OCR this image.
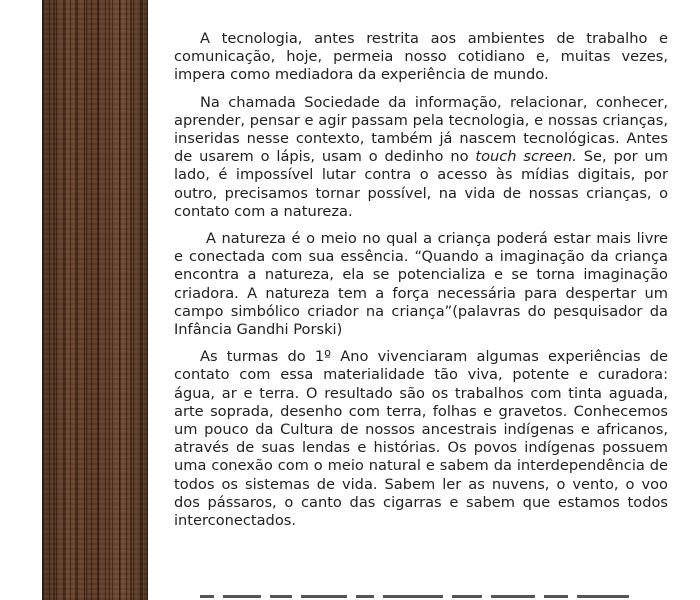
A tecnologia, antes restrita aos ambientes de trabalho e comunicação, hoje, permeia nosso cotidiano e, muitas vezes, impera como mediadora da experiência de mundo.

Na chamada Sociedade da informação, relacionar, conhecer, aprender, pensar e agir passam pela tecnologia, e nossas crianças, inseridas nesse contexto, também já nascem tecnológicas. Antes de usarem o lápis, usam o dedinho no touch screen. Se, por um lado, é impossível lutar contra o acesso às mídias digitais, por outro, precisamos tornar possível, na vida de nossas crianças, o contato com a natureza.

A natureza é o meio no qual a criança poderá estar mais livre e conectada com sua essência. “Quando a imaginação da criança encontra a natureza, ela se potencializa e se torna imaginação criadora. A natureza tem a força necessária para despertar um campo simbólico criador na criança”(palavras do pesquisador da Infância Gandhi Porski)

As turmas do 1º Ano vivenciaram algumas experiências de contato com essa materialidade tão viva, potente e curadora: água, ar e terra. O resultado são os trabalhos com tinta aguada, arte soprada, desenho com terra, folhas e gravetos. Conhecemos um pouco da Cultura de nossos ancestrais indígenas e africanos, através de suas lendas e histórias. Os povos indígenas possuem uma conexão com o meio natural e sabem da interdependência de todos os sistemas de vida. Sabem ler as nuvens, o vento, o voo dos pássaros, o canto das cigarras e sabem que estamos todos interconectados.
